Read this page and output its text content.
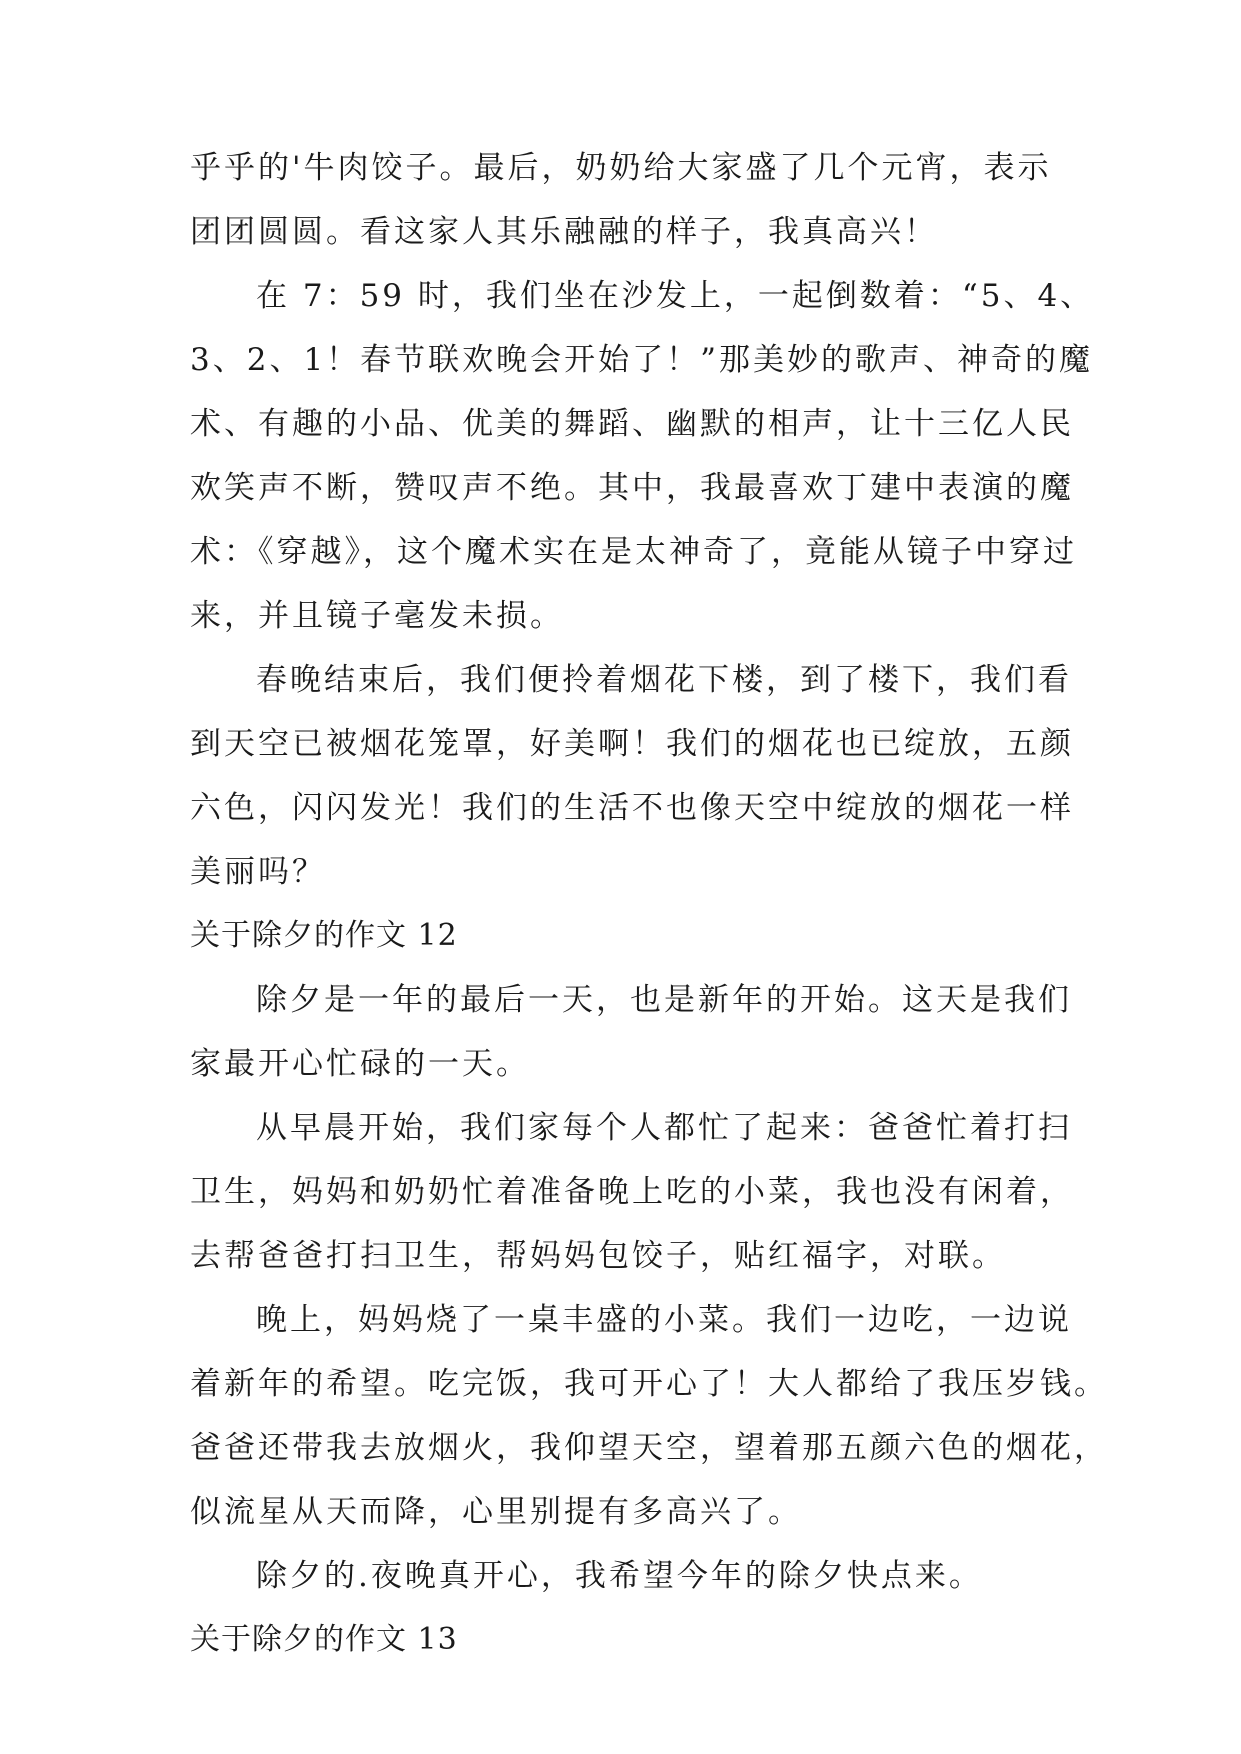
乎乎的'牛肉饺子。最后，奶奶给大家盛了几个元宵，表示
团团圆圆。看这家人其乐融融的样子，我真高兴！
在 7：59 时，我们坐在沙发上，一起倒数着：“5、4、
3、2、1！春节联欢晚会开始了！”那美妙的歌声、神奇的魔
术、有趣的小品、优美的舞蹈、幽默的相声，让十三亿人民
欢笑声不断，赞叹声不绝。其中，我最喜欢丁建中表演的魔
术：《穿越》，这个魔术实在是太神奇了，竟能从镜子中穿过
来，并且镜子毫发未损。
春晚结束后，我们便拎着烟花下楼，到了楼下，我们看
到天空已被烟花笼罩，好美啊！我们的烟花也已绽放，五颜
六色，闪闪发光！我们的生活不也像天空中绽放的烟花一样
美丽吗？
关于除夕的作文 12
除夕是一年的最后一天，也是新年的开始。这天是我们
家最开心忙碌的一天。
从早晨开始，我们家每个人都忙了起来：爸爸忙着打扫
卫生，妈妈和奶奶忙着准备晚上吃的小菜，我也没有闲着，
去帮爸爸打扫卫生，帮妈妈包饺子，贴红福字，对联。
晚上，妈妈烧了一桌丰盛的小菜。我们一边吃，一边说
着新年的希望。吃完饭，我可开心了！大人都给了我压岁钱。
爸爸还带我去放烟火，我仰望天空，望着那五颜六色的烟花，
似流星从天而降，心里别提有多高兴了。
除夕的.夜晚真开心，我希望今年的除夕快点来。
关于除夕的作文 13
